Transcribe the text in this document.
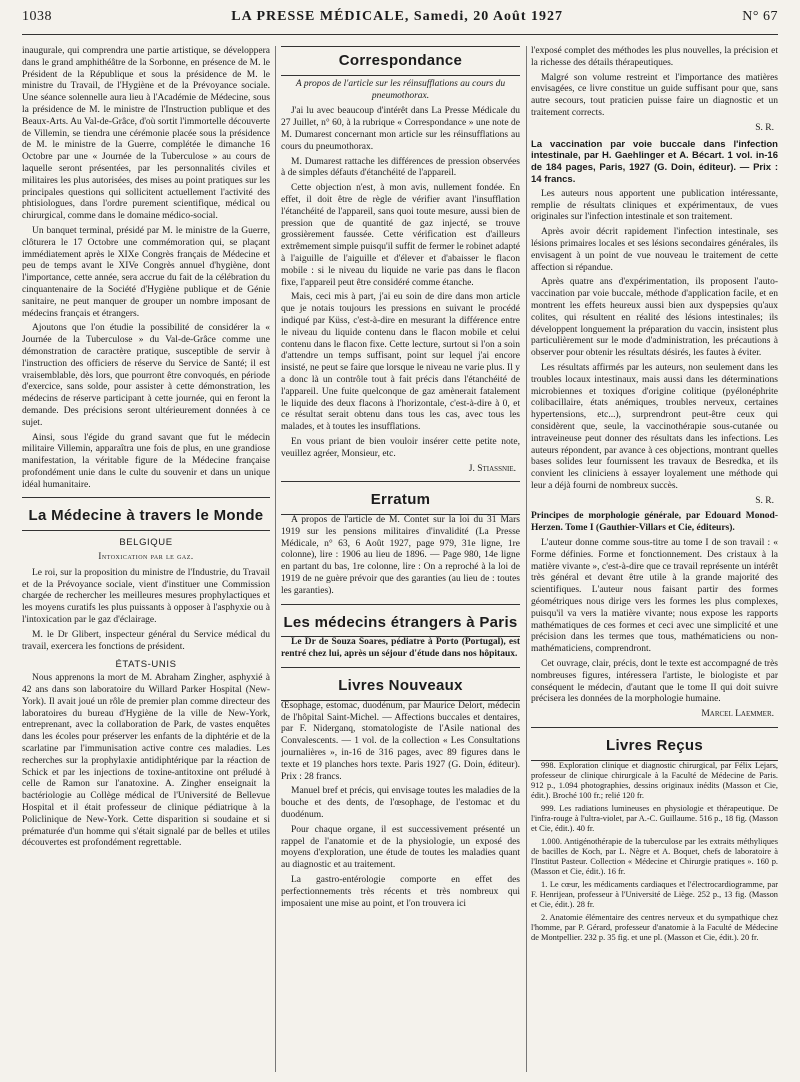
1038	LA PRESSE MÉDICALE, Samedi, 20 Août 1927	N° 67

inaugurale, qui comprendra une partie artistique, se développera dans le grand amphithéâtre de la Sorbonne, en présence de M. le Président de la République et sous la présidence de M. le ministre du Travail, de l'Hygiène et de la Prévoyance sociale. Une séance solennelle aura lieu à l'Académie de Médecine, sous la présidence de M. le ministre de l'Instruction publique et des Beaux-Arts. Au Val-de-Grâce, d'où sortit l'immortelle découverte de Villemin, se tiendra une cérémonie placée sous la présidence de M. le ministre de la Guerre, complétée le dimanche 16 Octobre par une « Journée de la Tuberculose » au cours de laquelle seront présentées, par les personnalités civiles et militaires les plus autorisées, des mises au point pratiques sur les principales questions qui sollicitent actuellement l'activité des phtisiologues, dans l'ordre purement scientifique, médical ou chirurgical, comme dans le domaine médico-social.

Un banquet terminal, présidé par M. le ministre de la Guerre, clôturera le 17 Octobre une commémoration qui, se plaçant immédiatement après le XIXe Congrès français de Médecine et peu de temps avant le XIVe Congrès annuel d'hygiène, dont l'importance, cette année, sera accrue du fait de la célébration du cinquantenaire de la Société d'Hygiène publique et de Génie sanitaire, ne peut manquer de grouper un nombre imposant de médecins français et étrangers.

Ajoutons que l'on étudie la possibilité de considérer la « Journée de la Tuberculose » du Val-de-Grâce comme une démonstration de caractère pratique, susceptible de servir à l'instruction des officiers de réserve du Service de Santé; il est vraisemblable, dès lors, que pourront être convoqués, en période d'exercice, sans solde, pour assister à cette démonstration, les médecins de réserve participant à cette journée, qui en feront la demande. Des précisions seront ultérieurement données à ce sujet.

Ainsi, sous l'égide du grand savant que fut le médecin militaire Villemin, apparaîtra une fois de plus, en une grandiose manifestation, la véritable figure de la Médecine française profondément unie dans le culte du souvenir et dans un unique idéal humanitaire.

La Médecine à travers le Monde
BELGIQUE
Intoxication par le gaz.

Le roi, sur la proposition du ministre de l'Industrie, du Travail et de la Prévoyance sociale, vient d'instituer une Commission chargée de rechercher les meilleures mesures prophylactiques et les moyens curatifs les plus puissants à opposer à l'asphyxie ou à l'intoxication par le gaz d'éclairage.

M. le Dr Glibert, inspecteur général du Service médical du travail, exercera les fonctions de président.

ÉTATS-UNIS

Nous apprenons la mort de M. Abraham Zingher, asphyxié à 42 ans dans son laboratoire du Willard Parker Hospital (New-York). Il avait joué un rôle de premier plan comme directeur des laboratoires du bureau d'Hygiène de la ville de New-York, entreprenant, avec la collaboration de Park, de vastes enquêtes dans les écoles pour préserver les enfants de la diphtérie et de la scarlatine par l'immunisation active contre ces maladies. Les recherches sur la prophylaxie antidiphtérique par la réaction de Schick et par les injections de toxine-antitoxine ont préludé à celle de Ramon sur l'anatoxine. A. Zingher enseignait la bactériologie au Collège médical de l'Université de Bellevue Hospital et il était professeur de clinique pédiatrique à la Policlinique de New-York. Cette disparition si soudaine et si prématurée d'un homme qui s'était signalé par de belles et utiles découvertes est profondément regrettable.

Correspondance
A propos de l'article sur les réinsufflations au cours du pneumothorax.

J'ai lu avec beaucoup d'intérêt dans La Presse Médicale du 27 Juillet, n° 60, à la rubrique « Correspondance » une note de M. Dumarest concernant mon article sur les réinsufflations au cours du pneumothorax.

M. Dumarest rattache les différences de pression observées à de simples défauts d'étanchéité de l'appareil.

Cette objection n'est, à mon avis, nullement fondée. En effet, il doit être de règle de vérifier avant l'insufflation l'étanchéité de l'appareil, sans quoi toute mesure, aussi bien de pression que de quantité de gaz injecté, se trouve grossièrement faussée. Cette vérification est d'ailleurs extrêmement simple puisqu'il suffit de fermer le robinet adapté à l'aiguille de l'aiguille et d'élever et d'abaisser le flacon mobile : si le niveau du liquide ne varie pas dans le flacon fixe, l'appareil peut être considéré comme étanche.

Mais, ceci mis à part, j'ai eu soin de dire dans mon article que je notais toujours les pressions en suivant le procédé indiqué par Küss, c'est-à-dire en mesurant la différence entre le niveau du liquide contenu dans le flacon mobile et celui contenu dans le flacon fixe. Cette lecture, surtout si l'on a soin d'attendre un temps suffisant, point sur lequel j'ai encore insisté, ne peut se faire que lorsque le niveau ne varie plus. Il y a donc là un contrôle tout à fait précis dans l'étanchéité de l'appareil. Une fuite quelconque de gaz amènerait fatalement le liquide des deux flacons à l'horizontale, c'est-à-dire à 0, et ce résultat serait obtenu dans tous les cas, avec tous les malades, et à toutes les insufflations.

En vous priant de bien vouloir insérer cette petite note, veuillez agréer, Monsieur, etc.

J. Stiassnie.
Erratum

A propos de l'article de M. Contet sur la loi du 31 Mars 1919 sur les pensions militaires d'invalidité (La Presse Médicale, n° 63, 6 Août 1927, page 979, 31e ligne, 1re colonne), lire : 1906 au lieu de 1896. — Page 980, 14e ligne en partant du bas, 1re colonne, lire : On a reproché à la loi de 1919 de ne guère prévoir que des garanties (au lieu de : toutes les garanties).

Les médecins étrangers à Paris

Le Dr de Souza Soares, pédiatre à Porto (Portugal), est rentré chez lui, après un séjour d'étude dans nos hôpitaux.

Livres Nouveaux

Œsophage, estomac, duodénum, par Maurice Delort, médecin de l'hôpital Saint-Michel. — Affections buccales et dentaires, par F. Niderganq, stomatologiste de l'Asile national des Convalescents. — 1 vol. de la collection « Les Consultations journalières », in-16 de 316 pages, avec 89 figures dans le texte et 19 planches hors texte. Paris 1927 (G. Doin, éditeur). Prix : 28 francs.

Manuel bref et précis, qui envisage toutes les maladies de la bouche et des dents, de l'œsophage, de l'estomac et du duodénum.

Pour chaque organe, il est successivement présenté un rappel de l'anatomie et de la physiologie, un exposé des moyens d'exploration, une étude de toutes les maladies quant au diagnostic et au traitement.

La gastro-entérologie comporte en effet des perfectionnements très récents et très nombreux qui imposaient une mise au point, et l'on trouvera ici

l'exposé complet des méthodes les plus nouvelles, la précision et la richesse des détails thérapeutiques.

Malgré son volume restreint et l'importance des matières envisagées, ce livre constitue un guide suffisant pour que, sans autre secours, tout praticien puisse faire un diagnostic et un traitement corrects.

S. R.

La vaccination par voie buccale dans l'infection intestinale, par H. Gaehlinger et A. Bécart. 1 vol. in-16 de 184 pages, Paris, 1927 (G. Doin, éditeur). — Prix : 14 francs.

Les auteurs nous apportent une publication intéressante, remplie de résultats cliniques et expérimentaux, de vues originales sur l'infection intestinale et son traitement.

Après avoir décrit rapidement l'infection intestinale, ses lésions primaires locales et ses lésions secondaires générales, ils envisagent à un point de vue nouveau le traitement de cette affection si répandue.

Après quatre ans d'expérimentation, ils proposent l'auto-vaccination par voie buccale, méthode d'application facile, et en montrent les effets heureux aussi bien aux dyspepsies qu'aux colites, qui résultent en réalité des lésions intestinales; ils développent longuement la préparation du vaccin, insistent plus particulièrement sur le mode d'administration, les précautions à observer pour obtenir les résultats désirés, les fautes à éviter.

Les résultats affirmés par les auteurs, non seulement dans les troubles locaux intestinaux, mais aussi dans les déterminations microbiennes et toxiques d'origine colitique (pyélonéphrite colibacillaire, états anémiques, troubles nerveux, certaines hypertensions, etc...), surprendront peut-être ceux qui considèrent que, seule, la vaccinothérapie sous-cutanée ou intraveineuse peut donner des résultats dans les infections. Les auteurs répondent, par avance à ces objections, montrant quelles bases solides leur fournissent les travaux de Besredka, et ils convient les cliniciens à essayer loyalement une méthode qui leur a déjà fourni de nombreux succès.

S. R.

Principes de morphologie générale, par Edouard Monod-Herzen. Tome I (Gauthier-Villars et Cie, éditeurs).

L'auteur donne comme sous-titre au tome I de son travail : « Forme définies. Forme et fonctionnement. Des cristaux à la matière vivante », c'est-à-dire que ce travail représente un intérêt très général et devant être utile à la grande majorité des scientifiques. L'auteur nous faisant partir des formes géométriques nous dirige vers les formes les plus complexes, puisqu'il va vers la matière vivante; nous expose les rapports mathématiques de ces formes et ceci avec une simplicité et une précision dans les termes que tous, mathématiciens ou non-mathématiciens, comprendront.

Cet ouvrage, clair, précis, dont le texte est accompagné de très nombreuses figures, intéressera l'artiste, le biologiste et par conséquent le médecin, d'autant que le tome II qui doit suivre précisera les données de la morphologie humaine.

Marcel Laemmer.
Livres Reçus

998. Exploration clinique et diagnostic chirurgical, par Félix Lejars, professeur de clinique chirurgicale à la Faculté de Médecine de Paris. 912 p., 1.094 photographies, dessins originaux inédits (Masson et Cie, édit.). Broché 100 fr.; relié 120 fr.

999. Les radiations lumineuses en physiologie et thérapeutique. De l'infra-rouge à l'ultra-violet, par A.-C. Guillaume. 516 p., 18 fig. (Masson et Cie, édit.). 40 fr.

1.000. Antigénothérapie de la tuberculose par les extraits méthyliques de bacilles de Koch, par L. Nègre et A. Boquet, chefs de laboratoire à l'Institut Pasteur. Collection « Médecine et Chirurgie pratiques ». 160 p. (Masson et Cie, édit.). 16 fr.

1. Le cœur, les médicaments cardiaques et l'électrocardiogramme, par F. Henrijean, professeur à l'Université de Liège. 252 p., 13 fig. (Masson et Cie, édit.). 28 fr.

2. Anatomie élémentaire des centres nerveux et du sympathique chez l'homme, par P. Gérard, professeur d'anatomie à la Faculté de Médecine de Montpellier. 232 p. 35 fig. et une pl. (Masson et Cie, édit.). 20 fr.
